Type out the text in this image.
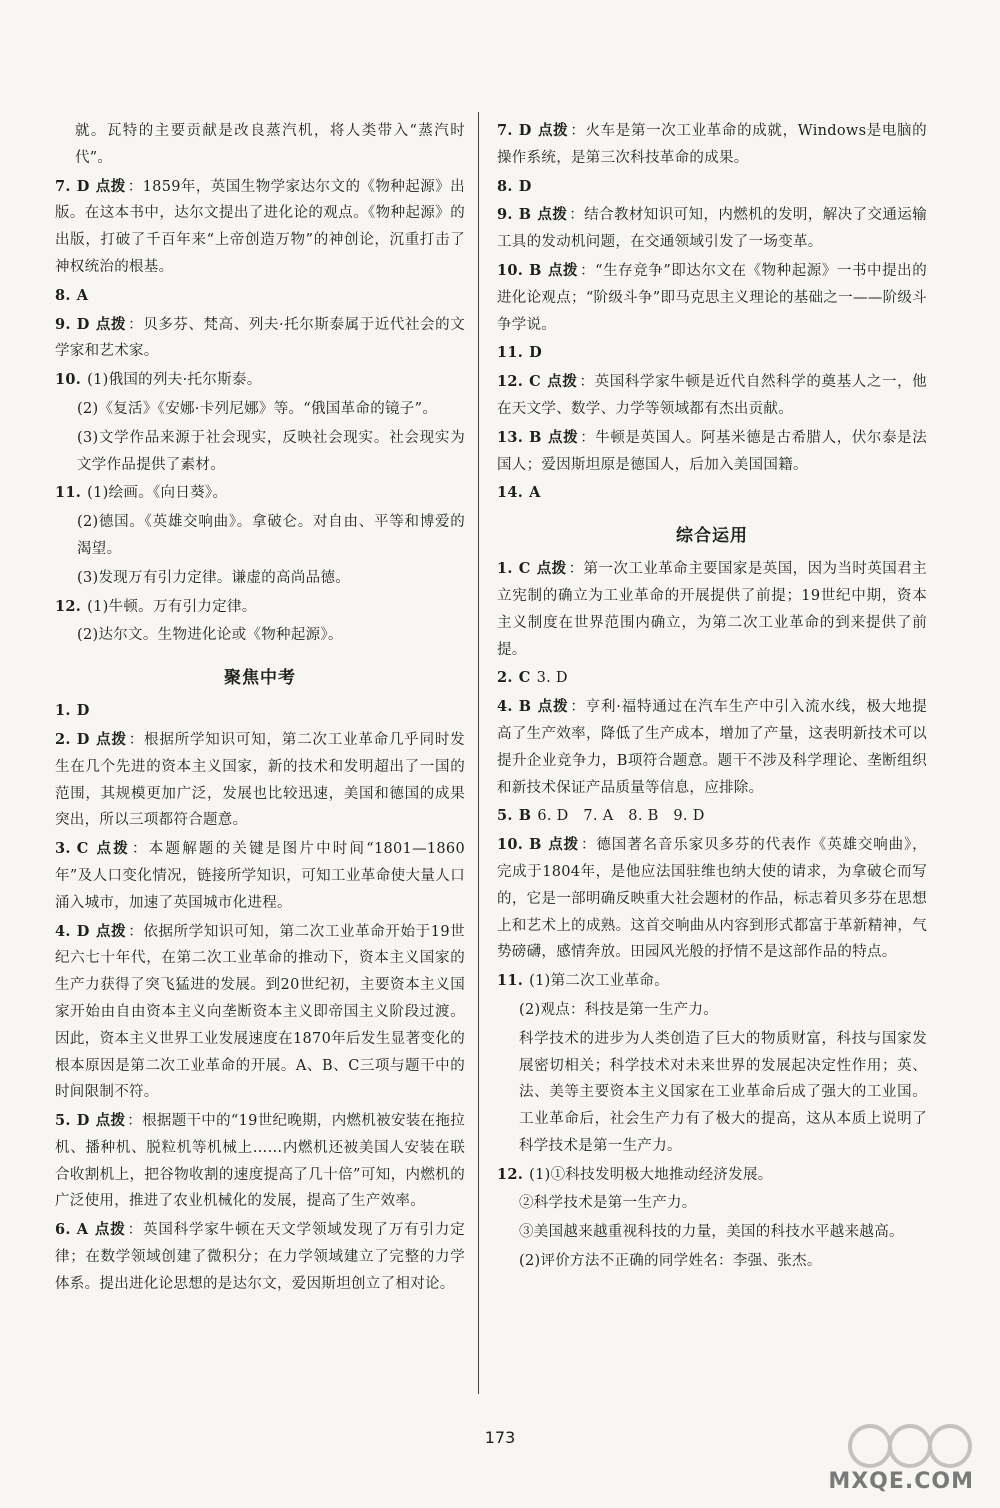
就。瓦特的主要贡献是改良蒸汽机，将人类带入“蒸汽时代”。
7. D 点拨 ：1859年，英国生物学家达尔文的《物种起源》出版。在这本书中，达尔文提出了进化论的观点。《物种起源》的出版，打破了千百年来“上帝创造万物”的神创论，沉重打击了神权统治的根基。
8. A
9. D 点拨 ：贝多芬、梵高、列夫·托尔斯泰属于近代社会的文学家和艺术家。
10. (1)俄国的列夫·托尔斯泰。
(2)《复活》《安娜·卡列尼娜》等。“俄国革命的镜子”。
(3)文学作品来源于社会现实，反映社会现实。社会现实为文学作品提供了素材。
11. (1)绘画。《向日葵》。
(2)德国。《英雄交响曲》。拿破仑。对自由、平等和博爱的渴望。
(3)发现万有引力定律。谦虚的高尚品德。
12. (1)牛顿。万有引力定律。
(2)达尔文。生物进化论或《物种起源》。
聚焦中考
1. D
2. D 点拨 ：根据所学知识可知，第二次工业革命几乎同时发生在几个先进的资本主义国家，新的技术和发明超出了一国的范围，其规模更加广泛，发展也比较迅速，美国和德国的成果突出，所以三项都符合题意。
3. C 点拨 ：本题解题的关键是图片中时间“1801—1860年”及人口变化情况，链接所学知识，可知工业革命使大量人口涌入城市，加速了英国城市化进程。
4. D 点拨 ：依据所学知识可知，第二次工业革命开始于19世纪六七十年代，在第二次工业革命的推动下，资本主义国家的生产力获得了突飞猛进的发展。到20世纪初，主要资本主义国家开始由自由资本主义向垄断资本主义即帝国主义阶段过渡。因此，资本主义世界工业发展速度在1870年后发生显著变化的根本原因是第二次工业革命的开展。A、B、C三项与题干中的时间限制不符。
5. D 点拨 ：根据题干中的“19世纪晚期，内燃机被安装在拖拉机、播种机、脱粒机等机械上……内燃机还被美国人安装在联合收割机上，把谷物收割的速度提高了几十倍”可知，内燃机的广泛使用，推进了农业机械化的发展，提高了生产效率。
6. A 点拨 ：英国科学家牛顿在天文学领域发现了万有引力定律；在数学领域创建了微积分；在力学领域建立了完整的力学体系。提出进化论思想的是达尔文，爱因斯坦创立了相对论。
7. D 点拨 ：火车是第一次工业革命的成就，Windows是电脑的操作系统，是第三次科技革命的成果。
8. D
9. B 点拨 ：结合教材知识可知，内燃机的发明，解决了交通运输工具的发动机问题，在交通领域引发了一场变革。
10. B 点拨 ：“生存竞争”即达尔文在《物种起源》一书中提出的进化论观点；“阶级斗争”即马克思主义理论的基础之一——阶级斗争学说。
11. D
12. C 点拨 ：英国科学家牛顿是近代自然科学的奠基人之一，他在天文学、数学、力学等领域都有杰出贡献。
13. B 点拨 ：牛顿是英国人。阿基米德是古希腊人，伏尔泰是法国人；爱因斯坦原是德国人，后加入美国国籍。
14. A
综合运用
1. C 点拨 ：第一次工业革命主要国家是英国，因为当时英国君主立宪制的确立为工业革命的开展提供了前提；19世纪中期，资本主义制度在世界范围内确立，为第二次工业革命的到来提供了前提。
2. C 3. D
4. B 点拨 ：亨利·福特通过在汽车生产中引入流水线，极大地提高了生产效率，降低了生产成本，增加了产量，这表明新技术可以提升企业竞争力，B项符合题意。题干不涉及科学理论、垄断组织和新技术保证产品质量等信息，应排除。
5. B 6. D　7. A　8. B　9. D
10. B 点拨 ：德国著名音乐家贝多芬的代表作《英雄交响曲》，完成于1804年，是他应法国驻维也纳大使的请求，为拿破仑而写的，它是一部明确反映重大社会题材的作品，标志着贝多芬在思想上和艺术上的成熟。这首交响曲从内容到形式都富于革新精神，气势磅礴，感情奔放。田园风光般的抒情不是这部作品的特点。
11. (1)第二次工业革命。
(2)观点：科技是第一生产力。
科学技术的进步为人类创造了巨大的物质财富，科技与国家发展密切相关；科学技术对未来世界的发展起决定性作用；英、法、美等主要资本主义国家在工业革命后成了强大的工业国。工业革命后，社会生产力有了极大的提高，这从本质上说明了科学技术是第一生产力。
12. (1)①科技发明极大地推动经济发展。
②科学技术是第一生产力。
③美国越来越重视科技的力量，美国的科技水平越来越高。
(2)评价方法不正确的同学姓名：李强、张杰。
173
MXQE.COM
